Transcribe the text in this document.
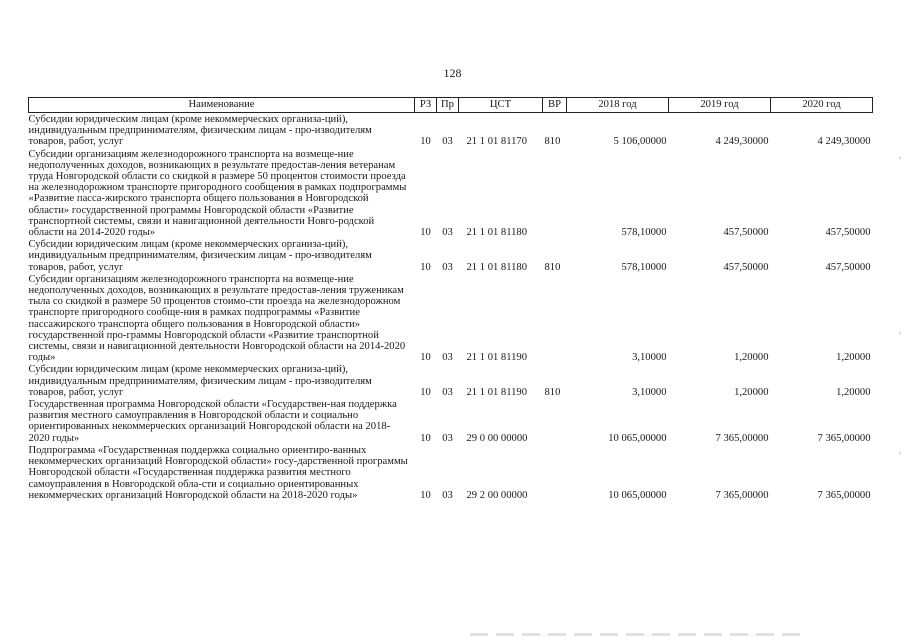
128
Наименование	РЗ	Пр	ЦСТ	ВР	2018 год	2019 год	2020 год
Субсидии юридическим лицам (кроме некоммерческих организа-ций), индивидуальным предпринимателям, физическим лицам - про-изводителям товаров, работ, услуг	10	03	21 1 01 81170	810	5 106,00000	4 249,30000	4 249,30000
Субсидии организациям железнодорожного транспорта на возмеще-ние недополученных доходов, возникающих в результате предостав-ления ветеранам труда Новгородской области со скидкой в размере 50 процентов стоимости проезда на железнодорожном транспорте пригородного сообщения в рамках подпрограммы «Развитие пасса-жирского транспорта общего пользования в Новгородской области» государственной программы Новгородской области «Развитие транспортной системы, связи и навигационной деятельности Новго-родской области на 2014-2020 годы»	10	03	21 1 01 81180		578,10000	457,50000	457,50000
Субсидии юридическим лицам (кроме некоммерческих организа-ций), индивидуальным предпринимателям, физическим лицам - про-изводителям товаров, работ, услуг	10	03	21 1 01 81180	810	578,10000	457,50000	457,50000
Субсидии организациям железнодорожного транспорта на возмеще-ние недополученных доходов, возникающих в результате предостав-ления труженикам тыла со скидкой в размере 50 процентов стоимо-сти проезда на железнодорожном транспорте пригородного сообще-ния в рамках подпрограммы «Развитие пассажирского транспорта общего пользования в Новгородской области» государственной про-граммы Новгородской области «Развитие транспортной системы, связи и навигационной деятельности Новгородской области на 2014-2020 годы»	10	03	21 1 01 81190		3,10000	1,20000	1,20000
Субсидии юридическим лицам (кроме некоммерческих организа-ций), индивидуальным предпринимателям, физическим лицам - про-изводителям товаров, работ, услуг	10	03	21 1 01 81190	810	3,10000	1,20000	1,20000
Государственная программа Новгородской области «Государствен-ная поддержка развития местного самоуправления в Новгородской области и социально ориентированных некоммерческих организаций Новгородской области на 2018-2020 годы»	10	03	29 0 00 00000		10 065,00000	7 365,00000	7 365,00000
Подпрограмма «Государственная поддержка социально ориентиро-ванных некоммерческих организаций Новгородской области» госу-дарственной программы Новгородской области «Государственная поддержка развития местного самоуправления в Новгородской обла-сти и социально ориентированных некоммерческих организаций Новгородской области на 2018-2020 годы»	10	03	29 2 00 00000		10 065,00000	7 365,00000	7 365,00000
,
,
,
